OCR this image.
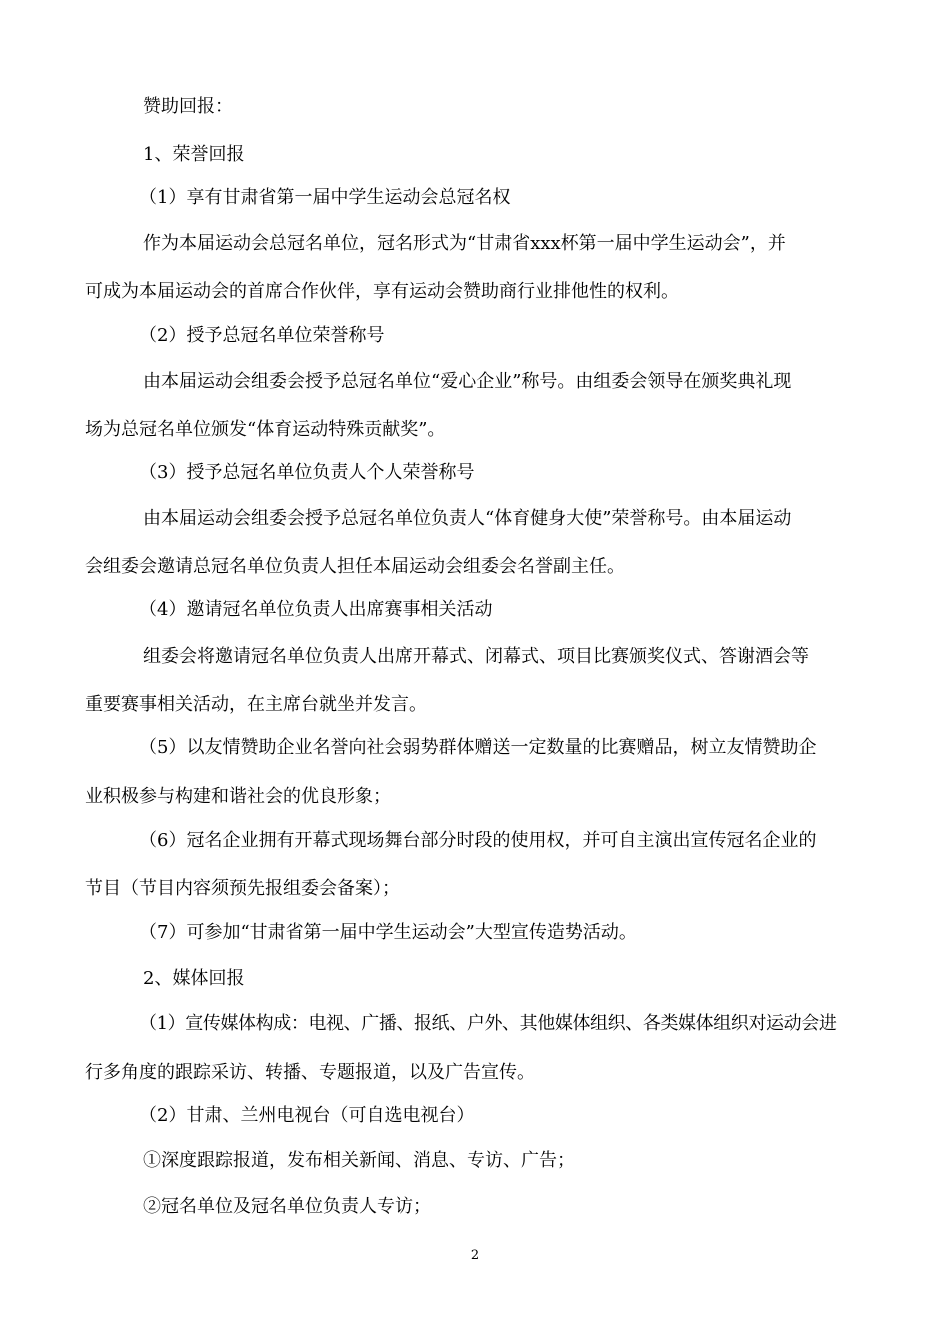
赞助回报：
1、荣誉回报
（1）享有甘肃省第一届中学生运动会总冠名权
作为本届运动会总冠名单位，冠名形式为“甘肃省xxx杯第一届中学生运动会”，并
可成为本届运动会的首席合作伙伴，享有运动会赞助商行业排他性的权利。
（2）授予总冠名单位荣誉称号
由本届运动会组委会授予总冠名单位“爱心企业”称号。由组委会领导在颁奖典礼现
场为总冠名单位颁发“体育运动特殊贡献奖”。
（3）授予总冠名单位负责人个人荣誉称号
由本届运动会组委会授予总冠名单位负责人“体育健身大使”荣誉称号。由本届运动
会组委会邀请总冠名单位负责人担任本届运动会组委会名誉副主任。
（4）邀请冠名单位负责人出席赛事相关活动
组委会将邀请冠名单位负责人出席开幕式、闭幕式、项目比赛颁奖仪式、答谢酒会等
重要赛事相关活动，在主席台就坐并发言。
（5）以友情赞助企业名誉向社会弱势群体赠送一定数量的比赛赠品，树立友情赞助企
业积极参与构建和谐社会的优良形象；
（6）冠名企业拥有开幕式现场舞台部分时段的使用权，并可自主演出宣传冠名企业的
节目（节目内容须预先报组委会备案）；
（7）可参加“甘肃省第一届中学生运动会”大型宣传造势活动。
2、媒体回报
（1）宣传媒体构成：电视、广播、报纸、户外、其他媒体组织、各类媒体组织对运动会进
行多角度的跟踪采访、转播、专题报道，以及广告宣传。
（2）甘肃、兰州电视台（可自选电视台）
①深度跟踪报道，发布相关新闻、消息、专访、广告；
②冠名单位及冠名单位负责人专访；
2
